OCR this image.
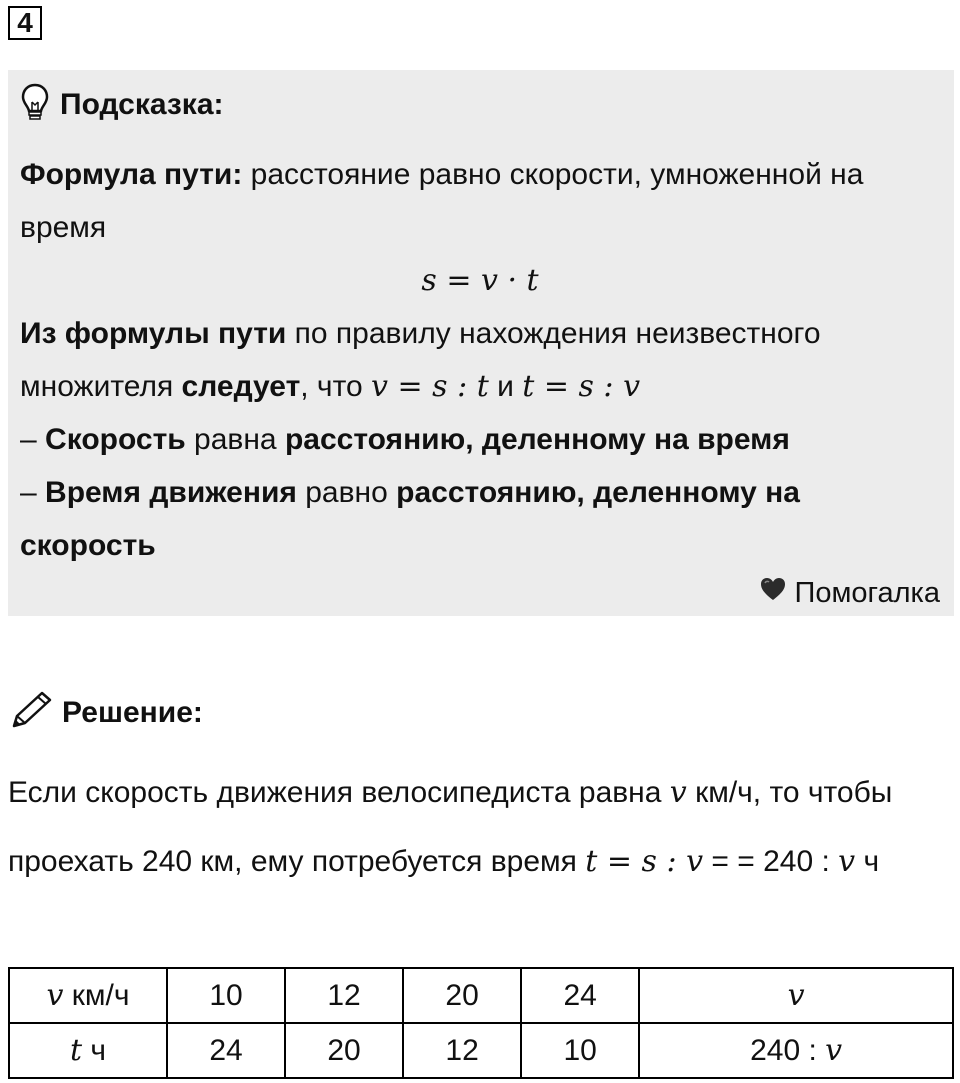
4
Подсказка:
Формула пути: расстояние равно скорости, умноженной на время
s = v · t
Из формулы пути по правилу нахождения неизвестного множителя следует, что v = s : t и t = s : v
– Скорость равна расстоянию, деленному на время
– Время движения равно расстоянию, деленному на скорость
Помогалка
Решение:
Если скорость движения велосипедиста равна v км/ч, то чтобы проехать 240 км, ему потребуется время t = s : v = = 240 : v ч
v км/ч	10	12	20	24	v
t ч	24	20	12	10	240 : v
